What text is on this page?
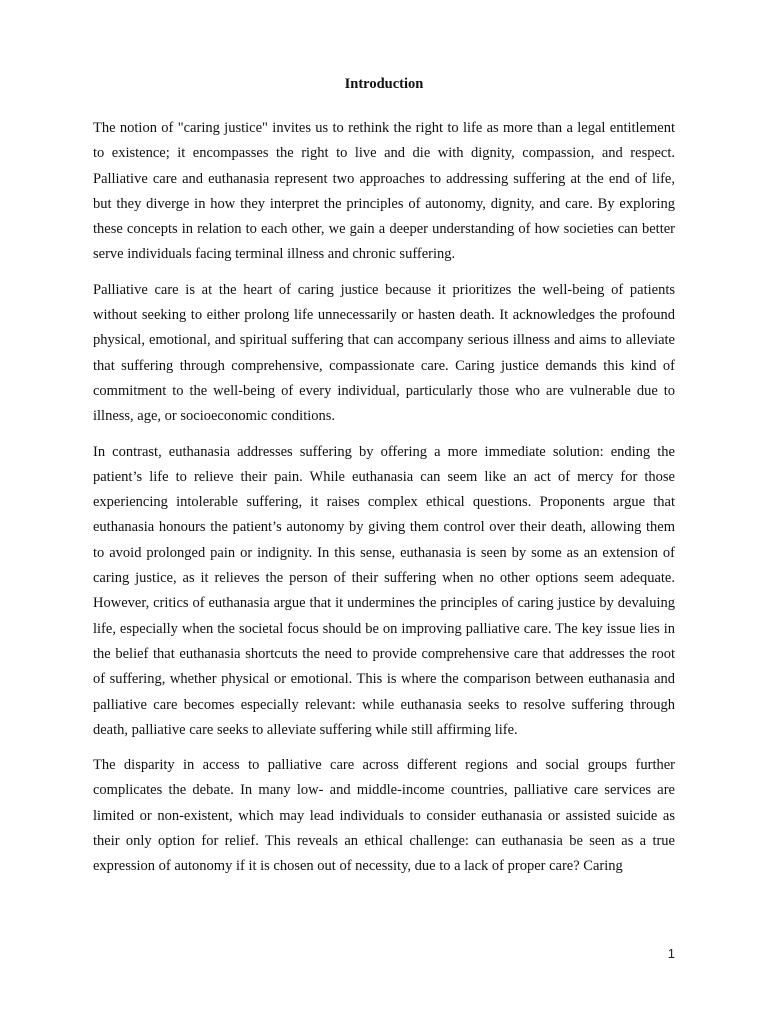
Introduction

The notion of "caring justice" invites us to rethink the right to life as more than a legal entitlement to existence; it encompasses the right to live and die with dignity, compassion, and respect. Palliative care and euthanasia represent two approaches to addressing suffering at the end of life, but they diverge in how they interpret the principles of autonomy, dignity, and care. By exploring these concepts in relation to each other, we gain a deeper understanding of how societies can better serve individuals facing terminal illness and chronic suffering.

Palliative care is at the heart of caring justice because it prioritizes the well-being of patients without seeking to either prolong life unnecessarily or hasten death. It acknowledges the profound physical, emotional, and spiritual suffering that can accompany serious illness and aims to alleviate that suffering through comprehensive, compassionate care. Caring justice demands this kind of commitment to the well-being of every individual, particularly those who are vulnerable due to illness, age, or socioeconomic conditions.

In contrast, euthanasia addresses suffering by offering a more immediate solution: ending the patient’s life to relieve their pain. While euthanasia can seem like an act of mercy for those experiencing intolerable suffering, it raises complex ethical questions. Proponents argue that euthanasia honours the patient’s autonomy by giving them control over their death, allowing them to avoid prolonged pain or indignity. In this sense, euthanasia is seen by some as an extension of caring justice, as it relieves the person of their suffering when no other options seem adequate. However, critics of euthanasia argue that it undermines the principles of caring justice by devaluing life, especially when the societal focus should be on improving palliative care. The key issue lies in the belief that euthanasia shortcuts the need to provide comprehensive care that addresses the root of suffering, whether physical or emotional. This is where the comparison between euthanasia and palliative care becomes especially relevant: while euthanasia seeks to resolve suffering through death, palliative care seeks to alleviate suffering while still affirming life.

The disparity in access to palliative care across different regions and social groups further complicates the debate. In many low- and middle-income countries, palliative care services are limited or non-existent, which may lead individuals to consider euthanasia or assisted suicide as their only option for relief. This reveals an ethical challenge: can euthanasia be seen as a true expression of autonomy if it is chosen out of necessity, due to a lack of proper care? Caring

1
